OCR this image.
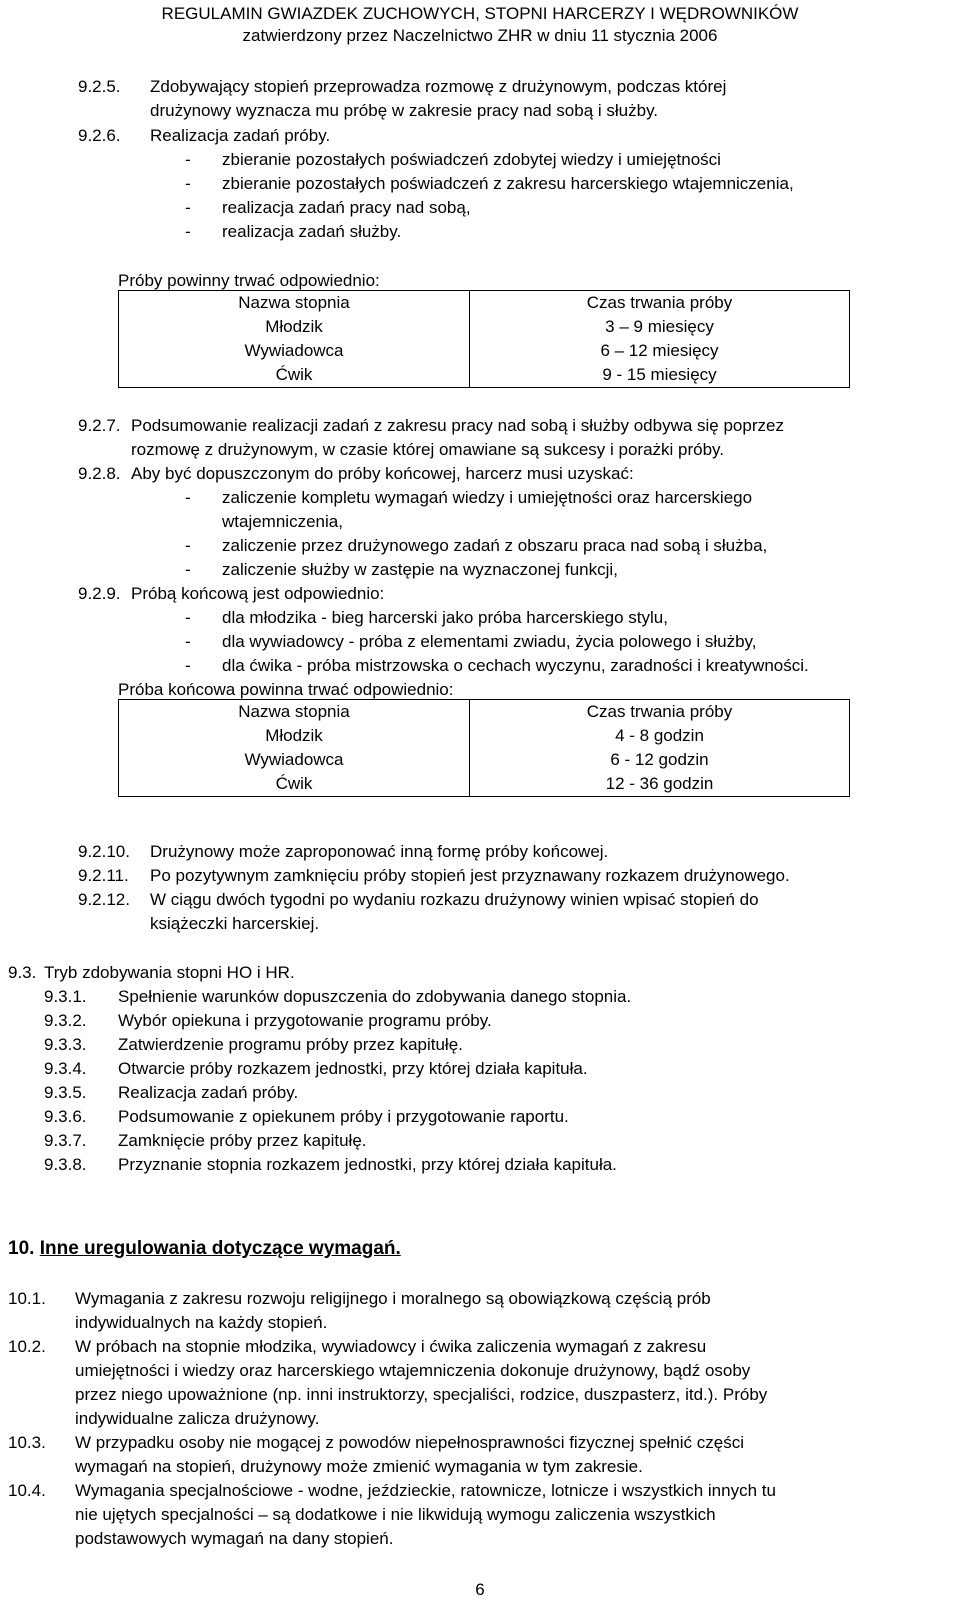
REGULAMIN GWIAZDEK ZUCHOWYCH, STOPNI HARCERZY I WĘDROWNIKÓW
zatwierdzony przez Naczelnictwo ZHR w dniu 11 stycznia 2006
9.2.5. Zdobywający stopień przeprowadza rozmowę z drużynowym, podczas której
drużynowy wyznacza mu próbę w zakresie pracy nad sobą i służby.
9.2.6. Realizacja zadań próby.
- zbieranie pozostałych poświadczeń zdobytej wiedzy i umiejętności
- zbieranie pozostałych poświadczeń z zakresu harcerskiego wtajemniczenia,
- realizacja zadań pracy nad sobą,
- realizacja zadań służby.
Próby powinny trwać odpowiednio:
Nazwa stopnia	Czas trwania próby
Młodzik	3 – 9 miesięcy
Wywiadowca	6 – 12 miesięcy
Ćwik	9 - 15 miesięcy
9.2.7. Podsumowanie realizacji zadań z zakresu pracy nad sobą i służby odbywa się poprzez
rozmowę z drużynowym, w czasie której omawiane są sukcesy i porażki próby.
9.2.8. Aby być dopuszczonym do próby końcowej, harcerz musi uzyskać:
- zaliczenie kompletu wymagań wiedzy i umiejętności oraz harcerskiego
wtajemniczenia,
- zaliczenie przez drużynowego zadań z obszaru praca nad sobą i służba,
- zaliczenie służby w zastępie na wyznaczonej funkcji,
9.2.9. Próbą końcową jest odpowiednio:
- dla młodzika - bieg harcerski jako próba harcerskiego stylu,
- dla wywiadowcy - próba z elementami zwiadu, życia polowego i służby,
- dla ćwika - próba mistrzowska o cechach wyczynu, zaradności i kreatywności.
Próba końcowa powinna trwać odpowiednio:
Nazwa stopnia	Czas trwania próby
Młodzik	4 - 8 godzin
Wywiadowca	6 - 12 godzin
Ćwik	12 - 36 godzin
9.2.10. Drużynowy może zaproponować inną formę próby końcowej.
9.2.11. Po pozytywnym zamknięciu próby stopień jest przyznawany rozkazem drużynowego.
9.2.12. W ciągu dwóch tygodni po wydaniu rozkazu drużynowy winien wpisać stopień do
książeczki harcerskiej.
9.3. Tryb zdobywania stopni HO i HR.
9.3.1. Spełnienie warunków dopuszczenia do zdobywania danego stopnia.
9.3.2. Wybór opiekuna i przygotowanie programu próby.
9.3.3. Zatwierdzenie programu próby przez kapitułę.
9.3.4. Otwarcie próby rozkazem jednostki, przy której działa kapituła.
9.3.5. Realizacja zadań próby.
9.3.6. Podsumowanie z opiekunem próby i przygotowanie raportu.
9.3.7. Zamknięcie próby przez kapitułę.
9.3.8. Przyznanie stopnia rozkazem jednostki, przy której działa kapituła.
10. Inne uregulowania dotyczące wymagań.
10.1. Wymagania z zakresu rozwoju religijnego i moralnego są obowiązkową częścią prób
indywidualnych na każdy stopień.
10.2. W próbach na stopnie młodzika, wywiadowcy i ćwika zaliczenia wymagań z zakresu
umiejętności i wiedzy oraz harcerskiego wtajemniczenia dokonuje drużynowy, bądź osoby
przez niego upoważnione (np. inni instruktorzy, specjaliści, rodzice, duszpasterz, itd.). Próby
indywidualne zalicza drużynowy.
10.3. W przypadku osoby nie mogącej z powodów niepełnosprawności fizycznej spełnić części
wymagań na stopień, drużynowy może zmienić wymagania w tym zakresie.
10.4. Wymagania specjalnościowe - wodne, jeździeckie, ratownicze, lotnicze i wszystkich innych tu
nie ujętych specjalności – są dodatkowe i nie likwidują wymogu zaliczenia wszystkich
podstawowych wymagań na dany stopień.
6
